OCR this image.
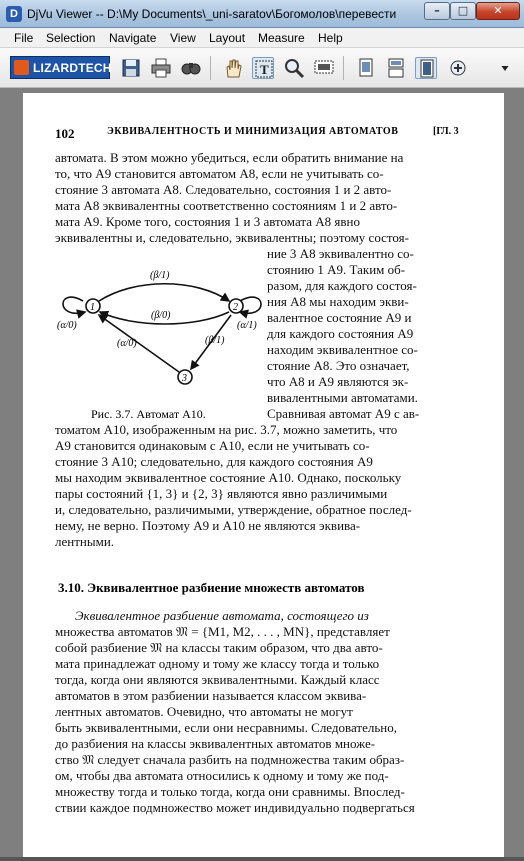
D DjVu Viewer -- D:\My Documents\_uni-saratov\Богомолов\перевести	–	□	✕
File Selection Navigate View Layout Measure Help
LIZARDTECH	T
102	ЭКВИВАЛЕНТНОСТЬ И МИНИМИЗАЦИЯ АВТОМАТОВ	[ГЛ. 3
автомата. В этом можно убедиться, если обратить внимание на
то, что A9 становится автоматом A8, если не учитывать со-
стояние 3 автомата A8. Следовательно, состояния 1 и 2 авто-
мата A8 эквивалентны соответственно состояниям 1 и 2 авто-
мата A9. Кроме того, состояния 1 и 3 автомата A8 явно
эквивалентны и, следовательно, эквивалентны; поэтому состоя-
ние 3 A8 эквивалентно со-
стоянию 1 A9. Таким об-
разом, для каждого состоя-
ния A8 мы находим экви-
валентное состояние A9 и
для каждого состояния A9
находим эквивалентное со-
стояние A8. Это означает,
что A8 и A9 являются эк-
вивалентными автоматами.
Сравнивая автомат A9 с ав-
1	2
3
(β/1)
(β/0)
(α/0)	(α/1)
(α/0)	(β/1)
Рис. 3.7. Автомат A10.
томатом A10, изображенным на рис. 3.7, можно заметить, что
A9 становится одинаковым с A10, если не учитывать со-
стояние 3 A10; следовательно, для каждого состояния A9
мы находим эквивалентное состояние A10. Однако, поскольку
пары состояний {1, 3} и {2, 3} являются явно различимыми
и, следовательно, различимыми, утверждение, обратное послед-
нему, не верно. Поэтому A9 и A10 не являются эквива-
лентными.
3.10. Эквивалентное разбиение множеств автоматов
Эквивалентное разбиение автомата, состоящего из
множества автоматов 𝔐 = {M1, M2, . . . , MN}, представляет
собой разбиение 𝔐 на классы таким образом, что два авто-
мата принадлежат одному и тому же классу тогда и только
тогда, когда они являются эквивалентными. Каждый класс
автоматов в этом разбиении называется классом эквива-
лентных автоматов. Очевидно, что автоматы не могут
быть эквивалентными, если они несравнимы. Следовательно,
до разбиения на классы эквивалентных автоматов множе-
ство 𝔐 следует сначала разбить на подмножества таким образ-
ом, чтобы два автомата относились к одному и тому же под-
множеству тогда и только тогда, когда они сравнимы. Впослед-
ствии каждое подмножество может индивидуально подвергаться
